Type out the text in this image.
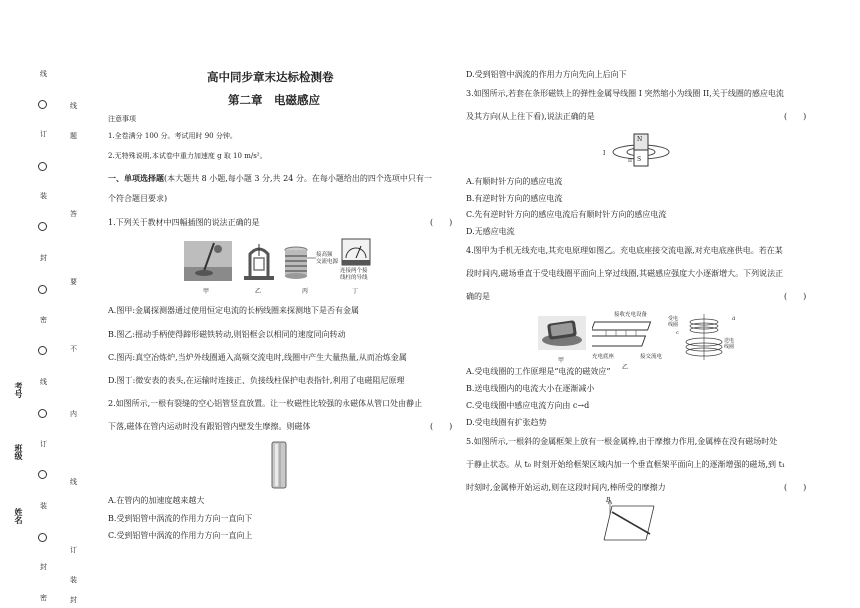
线
订
装
封
密
线
订
装
封
密
线
题
答
要
不
内
线
订
装
封
考号
班级
姓名
高中同步章末达标检测卷
第二章　电磁感应
注意事项
1.全卷满分 100 分。考试用时 90 分钟。
2.无特殊说明,本试卷中重力加速度 g 取 10 m/s²。
一、单项选择题(本大题共 8 小题,每小题 3 分,共 24 分。在每小题给出的四个选项中只有一
个符合题目要求)
1.下列关于教材中四幅插图的说法正确的是	(　　)
接高频
交流电源
连接两个接
线柱的导线
甲	乙	丙	丁
A.图甲:金属探测器通过使用恒定电流的长柄线圈来探测地下是否有金属
B.图乙:摇动手柄使得蹄形磁铁转动,则铝框会以相同的速度同向转动
C.图丙:真空冶炼炉,当炉外线圈通入高频交流电时,线圈中产生大量热量,从而冶炼金属
D.图丁:微安表的表头,在运输时连接正、负接线柱保护电表指针,利用了电磁阻尼原理
2.如图所示,一根有裂缝的空心铝管竖直放置。让一枚磁性比较强的永磁体从管口处由静止
下落,磁体在管内运动时没有跟铝管内壁发生摩擦。则磁体	(　　)
A.在管内的加速度越来越大
B.受到铝管中涡流的作用力方向一直向下
C.受到铝管中涡流的作用力方向一直向上
D.受到铝管中涡流的作用力方向先向上后向下
3.如图所示,若套在条形磁铁上的弹性金属导线圈 I 突然缩小为线圈 II,关于线圈的感应电流
及其方向(从上往下看),说法正确的是	(　　)
N
S
I
II
A.有顺时针方向的感应电流
B.有逆时针方向的感应电流
C.先有逆时针方向的感应电流后有顺时针方向的感应电流
D.无感应电流
4.图甲为手机无线充电,其充电原理如图乙。充电底座接交流电源,对充电底座供电。若在某
段时间内,磁场垂直于受电线圈平面向上穿过线圈,其磁感应强度大小逐渐增大。下列说法正
确的是	(　　)
接收充电设备
充电底座	接交流电
甲
乙
受电线圈
送电线圈
c
d
A.受电线圈的工作原理是“电流的磁效应”
B.送电线圈内的电流大小在逐渐减小
C.受电线圈中感应电流方向由 c→d
D.受电线圈有扩张趋势
5.如图所示,一根斜的金属框架上放有一根金属棒,由于摩擦力作用,金属棒在没有磁场时处
于静止状态。从 t₀ 时刻开始给框架区域内加一个垂直框架平面向上的逐渐增强的磁场,到 t₁
时刻时,金属棒开始运动,则在这段时间内,棒所受的摩擦力	(　　)
B
